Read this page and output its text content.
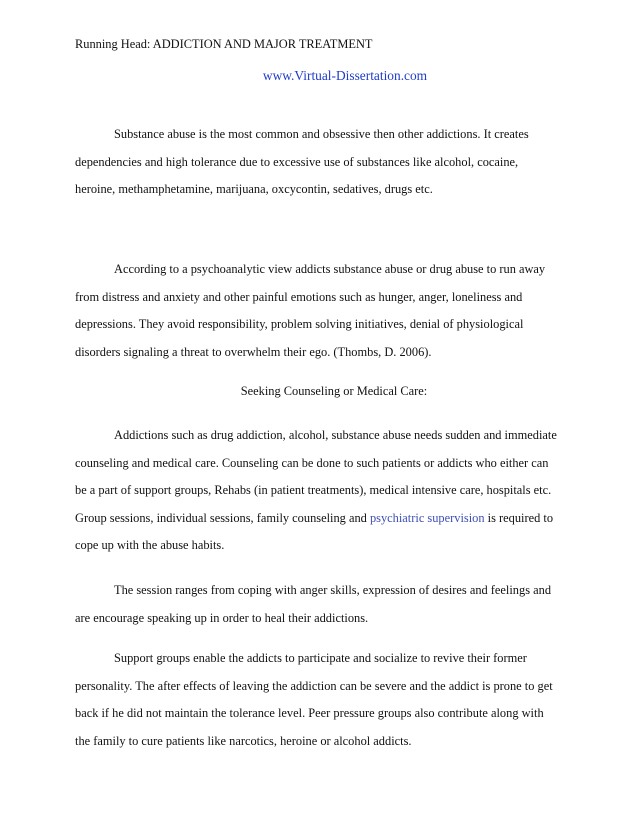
Running Head: ADDICTION AND MAJOR TREATMENT
www.Virtual-Dissertation.com
Substance abuse is the most common and obsessive then other addictions. It creates
dependencies and high tolerance due to excessive use of substances like alcohol, cocaine,
heroine, methamphetamine, marijuana, oxcycontin, sedatives, drugs etc.
According to a psychoanalytic view addicts substance abuse or drug abuse to run away
from distress and anxiety and other painful emotions such as hunger, anger, loneliness and
depressions. They avoid responsibility, problem solving initiatives, denial of physiological
disorders signaling a threat to overwhelm their ego. (Thombs, D. 2006).
Seeking Counseling or Medical Care:
Addictions such as drug addiction, alcohol, substance abuse needs sudden and immediate
counseling and medical care. Counseling can be done to such patients or addicts who either can
be a part of support groups, Rehabs (in patient treatments), medical intensive care, hospitals etc.
Group sessions, individual sessions, family counseling and psychiatric supervision is required to
cope up with the abuse habits.
The session ranges from coping with anger skills, expression of desires and feelings and
are encourage speaking up in order to heal their addictions.
Support groups enable the addicts to participate and socialize to revive their former
personality. The after effects of leaving the addiction can be severe and the addict is prone to get
back if he did not maintain the tolerance level. Peer pressure groups also contribute along with
the family to cure patients like narcotics, heroine or alcohol addicts.
